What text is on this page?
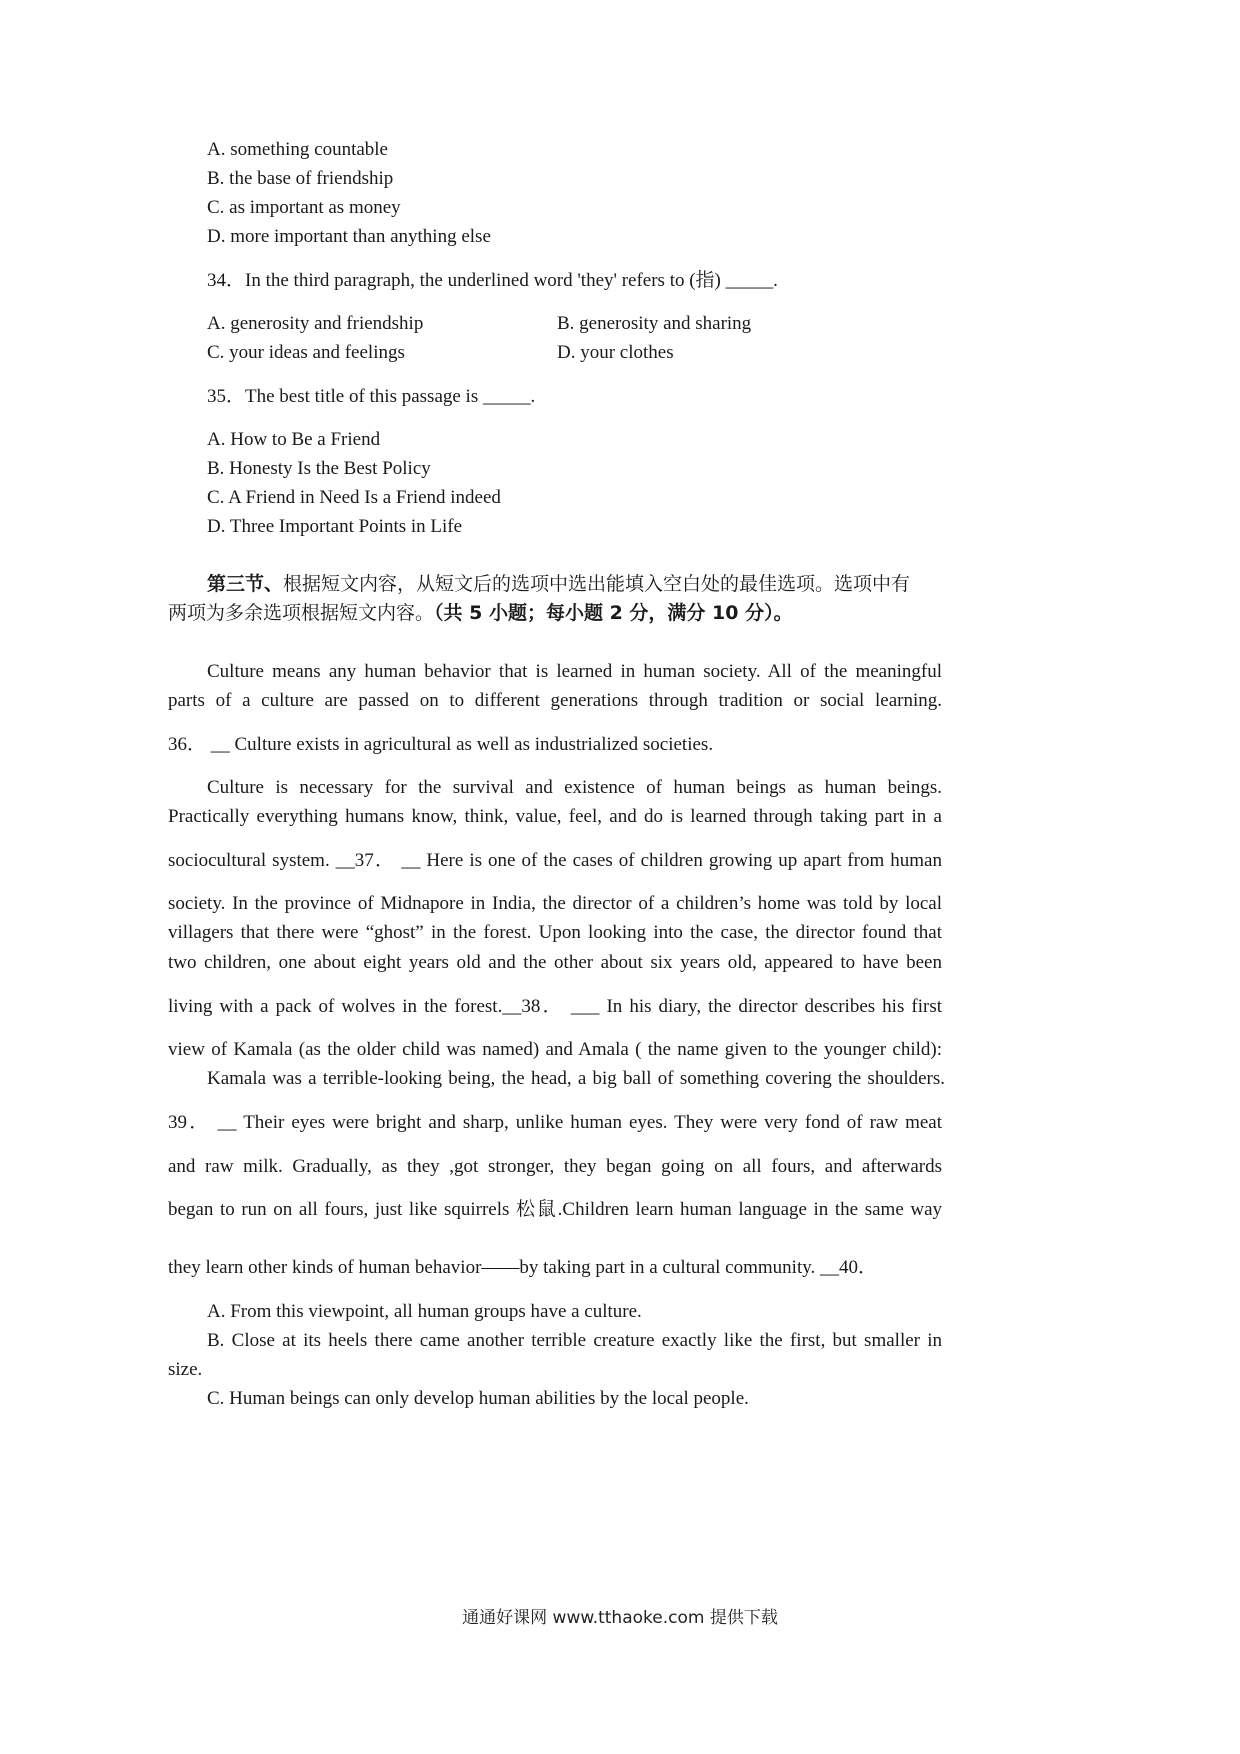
A. something countable
B. the base of friendship
C. as important as money
D. more important than anything else
34．In the third paragraph, the underlined word 'they' refers to (指) _____.
A. generosity and friendship	B. generosity and sharing
C. your ideas and feelings	D. your clothes
35．The best title of this passage is _____.
A. How to Be a Friend
B. Honesty Is the Best Policy
C. A Friend in Need Is a Friend indeed
D. Three Important Points in Life
第三节、根据短文内容，从短文后的选项中选出能填入空白处的最佳选项。选项中有
两项为多余选项根据短文内容。（共 5 小题；每小题 2 分，满分 10 分）。
Culture means any human behavior that is learned in human society. All of the meaningful
parts of a culture are passed on to different generations through tradition or social learning.
36． __ Culture exists in agricultural as well as industrialized societies.
Culture is necessary for the survival and existence of human beings as human beings.
Practically everything humans know, think, value, feel, and do is learned through taking part in a
sociocultural system. __37． __ Here is one of the cases of children growing up apart from human
society. In the province of Midnapore in India, the director of a children’s home was told by local
villagers that there were “ghost” in the forest. Upon looking into the case, the director found that
two children, one about eight years old and the other about six years old, appeared to have been
living with a pack of wolves in the forest.__38． ___ In his diary, the director describes his first
view of Kamala (as the older child was named) and Amala ( the name given to the younger child):
Kamala was a terrible-looking being, the head, a big ball of something covering the shoulders.
39． __ Their eyes were bright and sharp, unlike human eyes. They were very fond of raw meat
and raw milk. Gradually, as they ,got stronger, they began going on all fours, and afterwards
began to run on all fours, just like squirrels 松鼠.Children learn human language in the same way
they learn other kinds of human behavior——by taking part in a cultural community. __40．
A. From this viewpoint, all human groups have a culture.
B. Close at its heels there came another terrible creature exactly like the first, but smaller in
size.
C. Human beings can only develop human abilities by the local people.
通通好课网 www.tthaoke.com 提供下载
